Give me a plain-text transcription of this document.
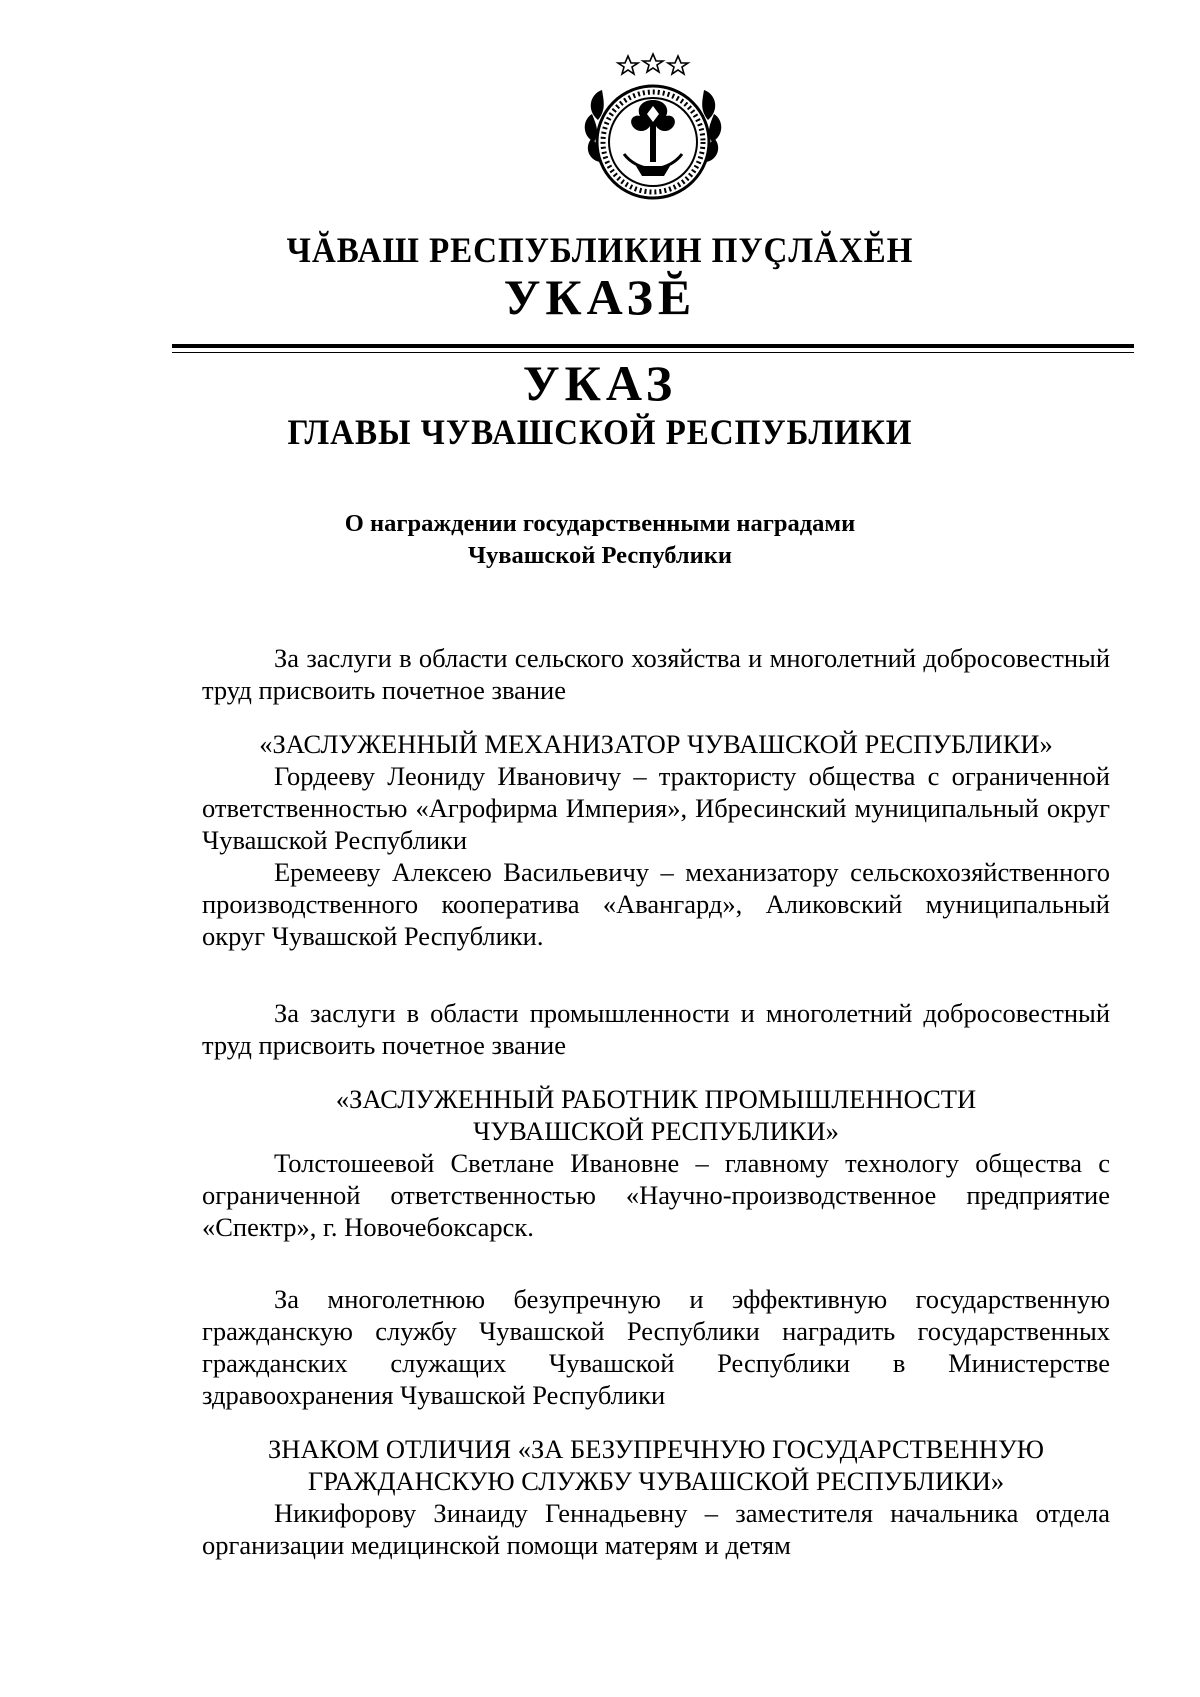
ЧĂВАШ РЕСПУБЛИКИН ПУÇЛĂХĔН
УКАЗĔ
УКАЗ
ГЛАВЫ ЧУВАШСКОЙ РЕСПУБЛИКИ
О награждении государственными наградами
Чувашской Республики

За заслуги в области сельского хозяйства и многолетний добросовестный труд присвоить почетное звание

«ЗАСЛУЖЕННЫЙ МЕХАНИЗАТОР ЧУВАШСКОЙ РЕСПУБЛИКИ»

Гордееву Леониду Ивановичу – трактористу общества с ограниченной ответственностью «Агрофирма Империя», Ибресинский муниципальный округ Чувашской Республики

Еремееву Алексею Васильевичу – механизатору сельскохозяйственного производственного кооператива «Авангард», Аликовский муниципальный округ Чувашской Республики.

За заслуги в области промышленности и многолетний добросовестный труд присвоить почетное звание

«ЗАСЛУЖЕННЫЙ РАБОТНИК ПРОМЫШЛЕННОСТИ

ЧУВАШСКОЙ РЕСПУБЛИКИ»

Толстошеевой Светлане Ивановне – главному технологу общества с ограниченной ответственностью «Научно-производственное предприятие «Спектр», г. Новочебоксарск.

За многолетнюю безупречную и эффективную государственную гражданскую службу Чувашской Республики наградить государственных гражданских служащих Чувашской Республики в Министерстве здравоохранения Чувашской Республики

ЗНАКОМ ОТЛИЧИЯ «ЗА БЕЗУПРЕЧНУЮ ГОСУДАРСТВЕННУЮ

ГРАЖДАНСКУЮ СЛУЖБУ ЧУВАШСКОЙ РЕСПУБЛИКИ»

Никифорову Зинаиду Геннадьевну – заместителя начальника отдела организации медицинской помощи матерям и детям
